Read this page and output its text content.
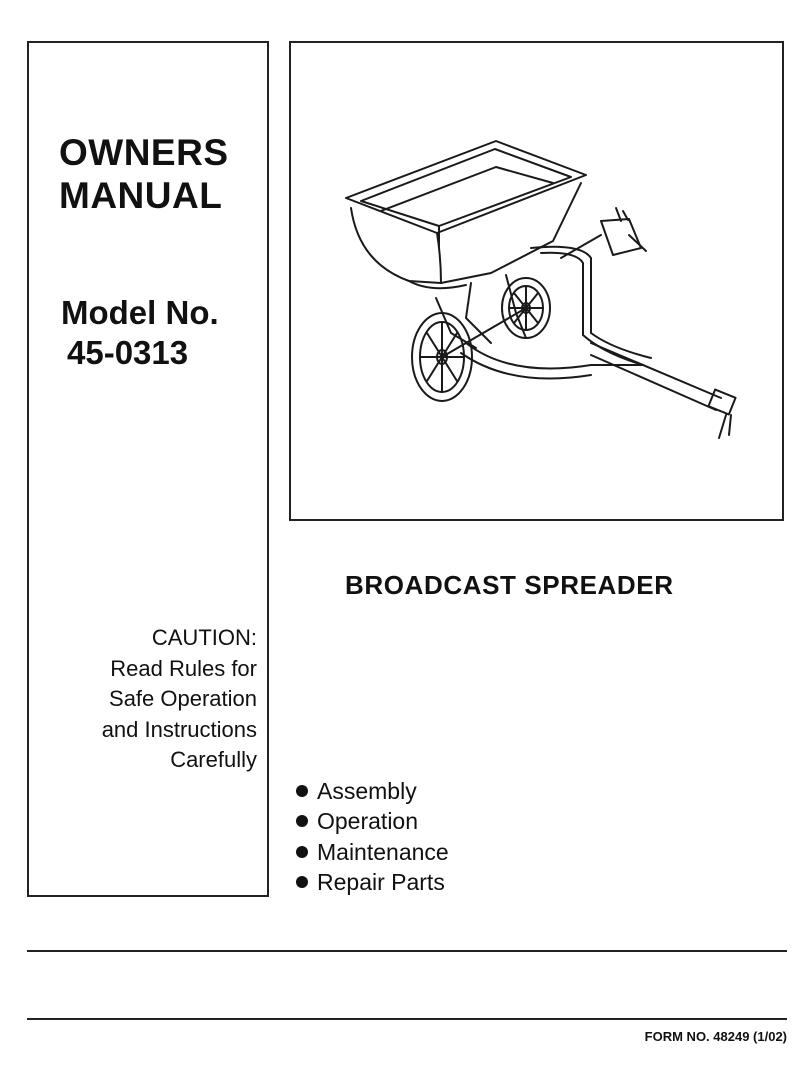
OWNERS
MANUAL
Model No.
45-0313
CAUTION:
Read Rules for
Safe Operation
and Instructions
Carefully
BROADCAST SPREADER
Assembly
Operation
Maintenance
Repair Parts
FORM NO. 48249 (1/02)
